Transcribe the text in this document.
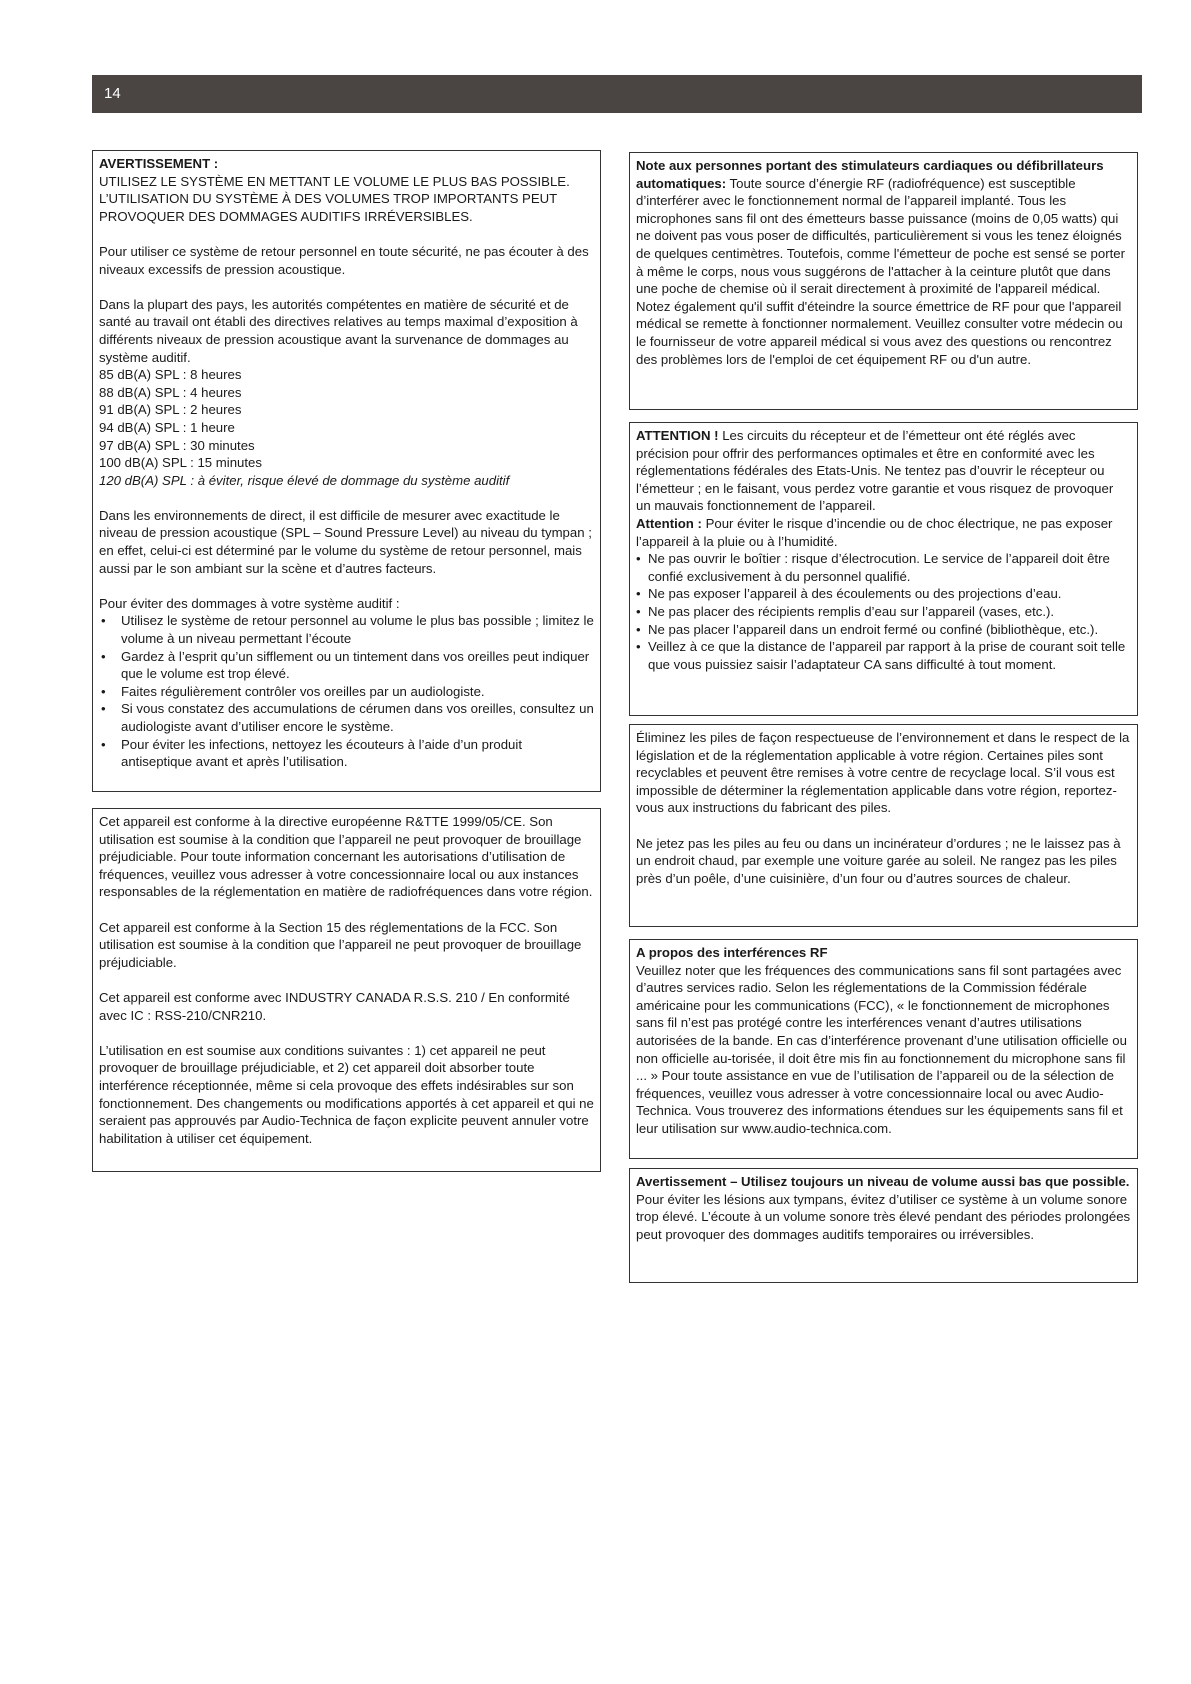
14

AVERTISSEMENT :

UTILISEZ LE SYSTÈME EN METTANT LE VOLUME LE PLUS BAS POSSIBLE. L’UTILISATION DU SYSTÈME À DES VOLUMES TROP IMPORTANTS PEUT PROVOQUER DES DOMMAGES AUDITIFS IRRÉVERSIBLES.

Pour utiliser ce système de retour personnel en toute sécurité, ne pas écouter à des niveaux excessifs de pression acoustique.

Dans la plupart des pays, les autorités compétentes en matière de sécurité et de santé au travail ont établi des directives relatives au temps maximal d’exposition à différents niveaux de pression acoustique avant la survenance de dommages au système auditif.

85 dB(A) SPL : 8 heures

88 dB(A) SPL : 4 heures

91 dB(A) SPL : 2 heures

94 dB(A) SPL : 1 heure

97 dB(A) SPL : 30 minutes

100 dB(A) SPL : 15 minutes

120 dB(A) SPL : à éviter, risque élevé de dommage du système auditif

Dans les environnements de direct, il est difficile de mesurer avec exactitude le niveau de pression acoustique (SPL – Sound Pressure Level) au niveau du tympan ; en effet, celui-ci est déterminé par le volume du système de retour personnel, mais aussi par le son ambiant sur la scène et d’autres facteurs.

Pour éviter des dommages à votre système auditif :

• Utilisez le système de retour personnel au volume le plus bas possible ; limitez le volume à un niveau permettant l’écoute
• Gardez à l’esprit qu’un sifflement ou un tintement dans vos oreilles peut indiquer que le volume est trop élevé.
• Faites régulièrement contrôler vos oreilles par un audiologiste.
• Si vous constatez des accumulations de cérumen dans vos oreilles, consultez un audiologiste avant d’utiliser encore le système.
• Pour éviter les infections, nettoyez les écouteurs à l’aide d’un produit antiseptique avant et après l’utilisation.

Cet appareil est conforme à la directive européenne R&TTE 1999/05/CE. Son utilisation est soumise à la condition que l’appareil ne peut provoquer de brouillage préjudiciable. Pour toute information concernant les autorisations d’utilisation de fréquences, veuillez vous adresser à votre concessionnaire local ou aux instances responsables de la réglementation en matière de radiofréquences dans votre région.

Cet appareil est conforme à la Section 15 des réglementations de la FCC. Son utilisation est soumise à la condition que l’appareil ne peut provoquer de brouillage préjudiciable.

Cet appareil est conforme avec INDUSTRY CANADA R.S.S. 210 / En conformité avec IC : RSS-210/CNR210.

L’utilisation en est soumise aux conditions suivantes : 1) cet appareil ne peut provoquer de brouillage préjudiciable, et 2) cet appareil doit absorber toute interférence réceptionnée, même si cela provoque des effets indésirables sur son fonctionnement. Des changements ou modifications apportés à cet appareil et qui ne seraient pas approuvés par Audio-Technica de façon explicite peuvent annuler votre habilitation à utiliser cet équipement.

Note aux personnes portant des stimulateurs cardiaques ou défibrillateurs automatiques: Toute source d’énergie RF (radiofréquence) est susceptible d’interférer avec le fonctionnement normal de l’appareil implanté. Tous les microphones sans fil ont des émetteurs basse puissance (moins de 0,05 watts) qui ne doivent pas vous poser de difficultés, particulièrement si vous les tenez éloignés de quelques centimètres. Toutefois, comme l'émetteur de poche est sensé se porter à même le corps, nous vous suggérons de l'attacher à la ceinture plutôt que dans une poche de chemise où il serait directement à proximité de l'appareil médical. Notez également qu'il suffit d'éteindre la source émettrice de RF pour que l'appareil médical se remette à fonctionner normalement. Veuillez consulter votre médecin ou le fournisseur de votre appareil médical si vous avez des questions ou rencontrez des problèmes lors de l'emploi de cet équipement RF ou d'un autre.

ATTENTION ! Les circuits du récepteur et de l’émetteur ont été réglés avec précision pour offrir des performances optimales et être en conformité avec les réglementations fédérales des Etats-Unis. Ne tentez pas d’ouvrir le récepteur ou l’émetteur ; en le faisant, vous perdez votre garantie et vous risquez de provoquer un mauvais fonctionnement de l’appareil.

Attention : Pour éviter le risque d’incendie ou de choc électrique, ne pas exposer l’appareil à la pluie ou à l’humidité.

• Ne pas ouvrir le boîtier : risque d’électrocution. Le service de l’appareil doit être confié exclusivement à du personnel qualifié.
• Ne pas exposer l’appareil à des écoulements ou des projections d’eau.
• Ne pas placer des récipients remplis d’eau sur l’appareil (vases, etc.).
• Ne pas placer l’appareil dans un endroit fermé ou confiné (bibliothèque, etc.).
• Veillez à ce que la distance de l’appareil par rapport à la prise de courant soit telle que vous puissiez saisir l’adaptateur CA sans difficulté à tout moment.

Éliminez les piles de façon respectueuse de l’environnement et dans le respect de la législation et de la réglementation applicable à votre région. Certaines piles sont recyclables et peuvent être remises à votre centre de recyclage local. S’il vous est impossible de déterminer la réglementation applicable dans votre région, reportez-vous aux instructions du fabricant des piles.

Ne jetez pas les piles au feu ou dans un incinérateur d’ordures ; ne le laissez pas à un endroit chaud, par exemple une voiture garée au soleil. Ne rangez pas les piles près d’un poêle, d’une cuisinière, d’un four ou d’autres sources de chaleur.

A propos des interférences RF

Veuillez noter que les fréquences des communications sans fil sont partagées avec d’autres services radio. Selon les réglementations de la Commission fédérale américaine pour les communications (FCC), « le fonctionnement de microphones sans fil n’est pas protégé contre les interférences venant d’autres utilisations autorisées de la bande. En cas d’interférence provenant d’une utilisation officielle ou non officielle au-torisée, il doit être mis fin au fonctionnement du microphone sans fil ... » Pour toute assistance en vue de l’utilisation de l’appareil ou de la sélection de fréquences, veuillez vous adresser à votre concessionnaire local ou avec Audio-Technica. Vous trouverez des informations étendues sur les équipements sans fil et leur utilisation sur www.audio-technica.com.

Avertissement – Utilisez toujours un niveau de volume aussi bas que possible.

Pour éviter les lésions aux tympans, évitez d’utiliser ce système à un volume sonore trop élevé. L’écoute à un volume sonore très élevé pendant des périodes prolongées peut provoquer des dommages auditifs temporaires ou irréversibles.
